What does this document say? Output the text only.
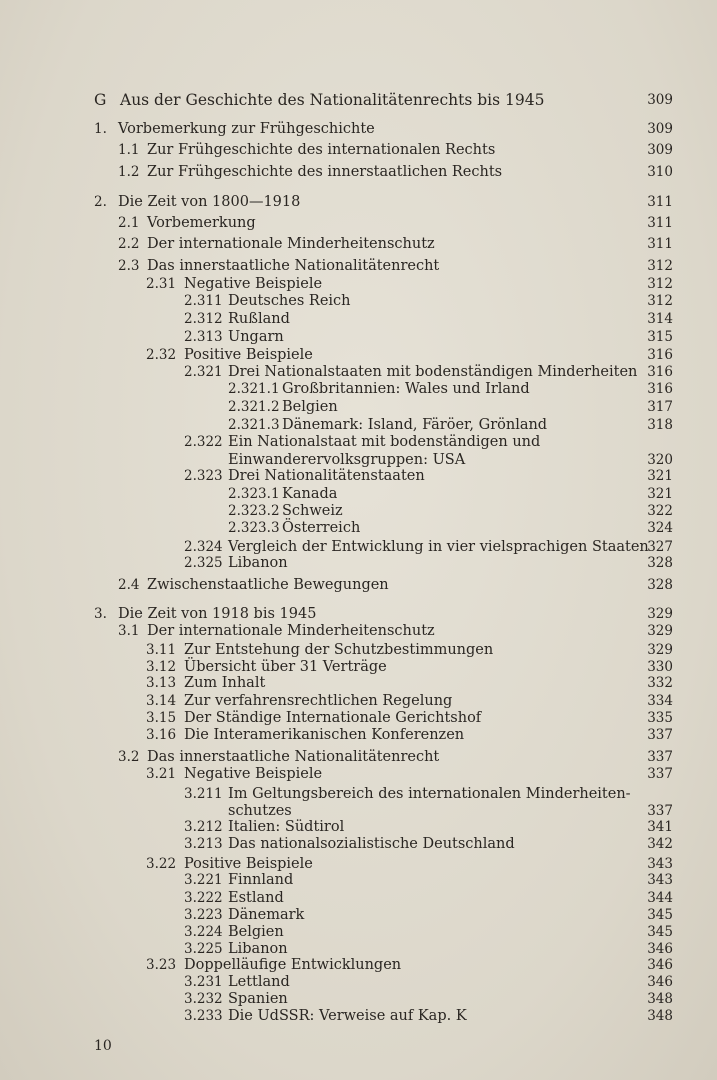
G Aus der Geschichte des Nationalitätenrechts bis 1945	309
1. Vorbemerkung zur Frühgeschichte	309
1.1 Zur Frühgeschichte des internationalen Rechts	309
1.2 Zur Frühgeschichte des innerstaatlichen Rechts	310
2. Die Zeit von 1800—1918	311
2.1 Vorbemerkung	311
2.2 Der internationale Minderheitenschutz	311
2.3 Das innerstaatliche Nationalitätenrecht	312
2.31 Negative Beispiele	312
2.311 Deutsches Reich	312
2.312 Rußland	314
2.313 Ungarn	315
2.32 Positive Beispiele	316
2.321 Drei Nationalstaaten mit bodenständigen Minderheiten 316
2.321.1 Großbritannien: Wales und Irland	316
2.321.2 Belgien	317
2.321.3 Dänemark: Island, Färöer, Grönland	318
2.322 Ein Nationalstaat mit bodenständigen und
Einwanderervolksgruppen: USA	320
2.323 Drei Nationalitätenstaaten	321
2.323.1 Kanada	321
2.323.2 Schweiz	322
2.323.3 Österreich	324
2.324 Vergleich der Entwicklung in vier vielsprachigen Staaten
327
2.325 Libanon	328
2.4 Zwischenstaatliche Bewegungen	328
3. Die Zeit von 1918 bis 1945	329
3.1 Der internationale Minderheitenschutz	329
3.11 Zur Entstehung der Schutzbestimmungen	329
3.12 Übersicht über 31 Verträge	330
3.13 Zum Inhalt	332
3.14 Zur verfahrensrechtlichen Regelung	334
3.15 Der Ständige Internationale Gerichtshof	335
3.16 Die Interamerikanischen Konferenzen	337
3.2 Das innerstaatliche Nationalitätenrecht	337
3.21 Negative Beispiele	337
3.211 Im Geltungsbereich des internationalen Minderheiten-
schutzes	337
3.212 Italien: Südtirol	341
3.213 Das nationalsozialistische Deutschland	342
3.22 Positive Beispiele	343
3.221 Finnland	343
3.222 Estland	344
3.223 Dänemark	345
3.224 Belgien	345
3.225 Libanon	346
3.23 Doppelläufige Entwicklungen	346
3.231 Lettland	346
3.232 Spanien	348
3.233 Die UdSSR: Verweise auf Kap. K	348
10
